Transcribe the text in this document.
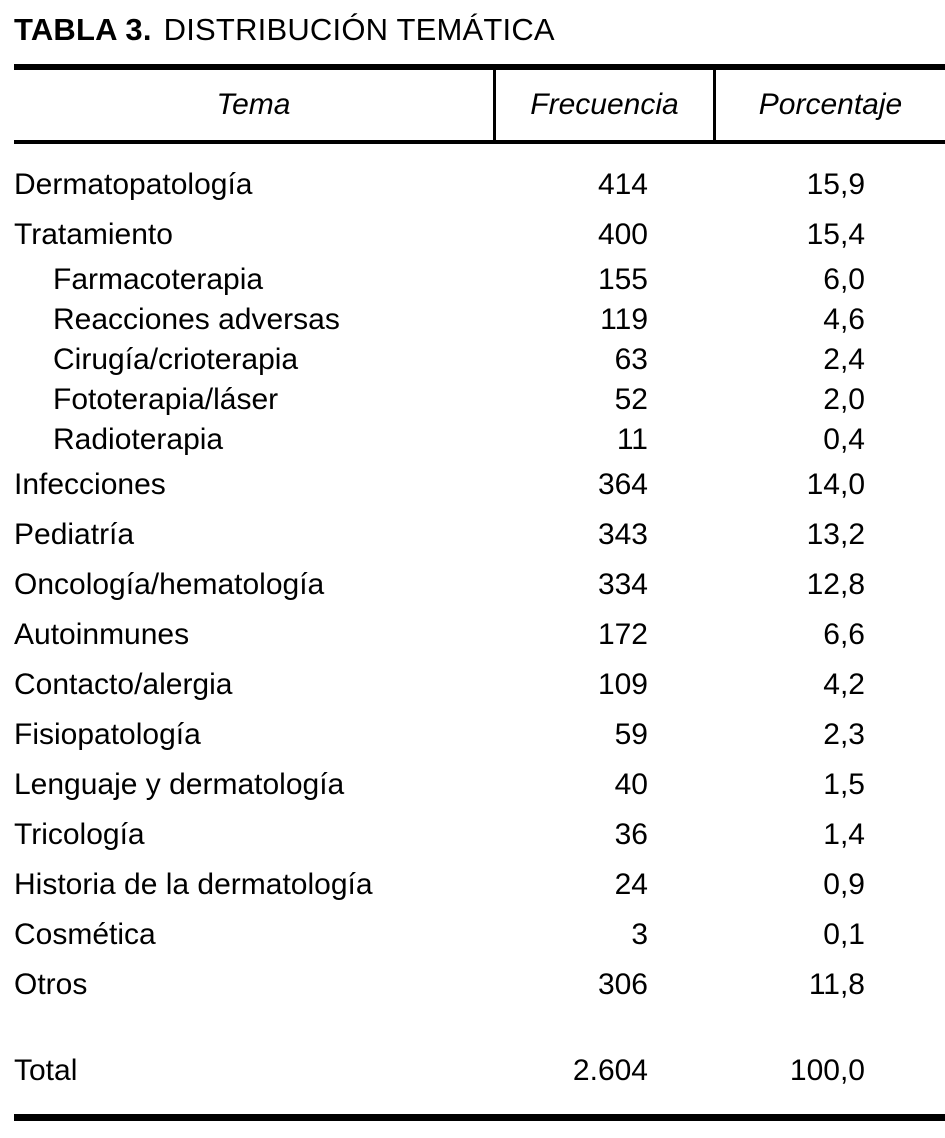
TABLA 3. DISTRIBUCIÓN TEMÁTICA
Tema	Frecuencia	Porcentaje
Dermatopatología	414	15,9
Tratamiento	400	15,4
Farmacoterapia	155	6,0
Reacciones adversas	119	4,6
Cirugía/crioterapia	63	2,4
Fototerapia/láser	52	2,0
Radioterapia	11	0,4
Infecciones	364	14,0
Pediatría	343	13,2
Oncología/hematología	334	12,8
Autoinmunes	172	6,6
Contacto/alergia	109	4,2
Fisiopatología	59	2,3
Lenguaje y dermatología	40	1,5
Tricología	36	1,4
Historia de la dermatología	24	0,9
Cosmética	3	0,1
Otros	306	11,8
Total	2.604	100,0
